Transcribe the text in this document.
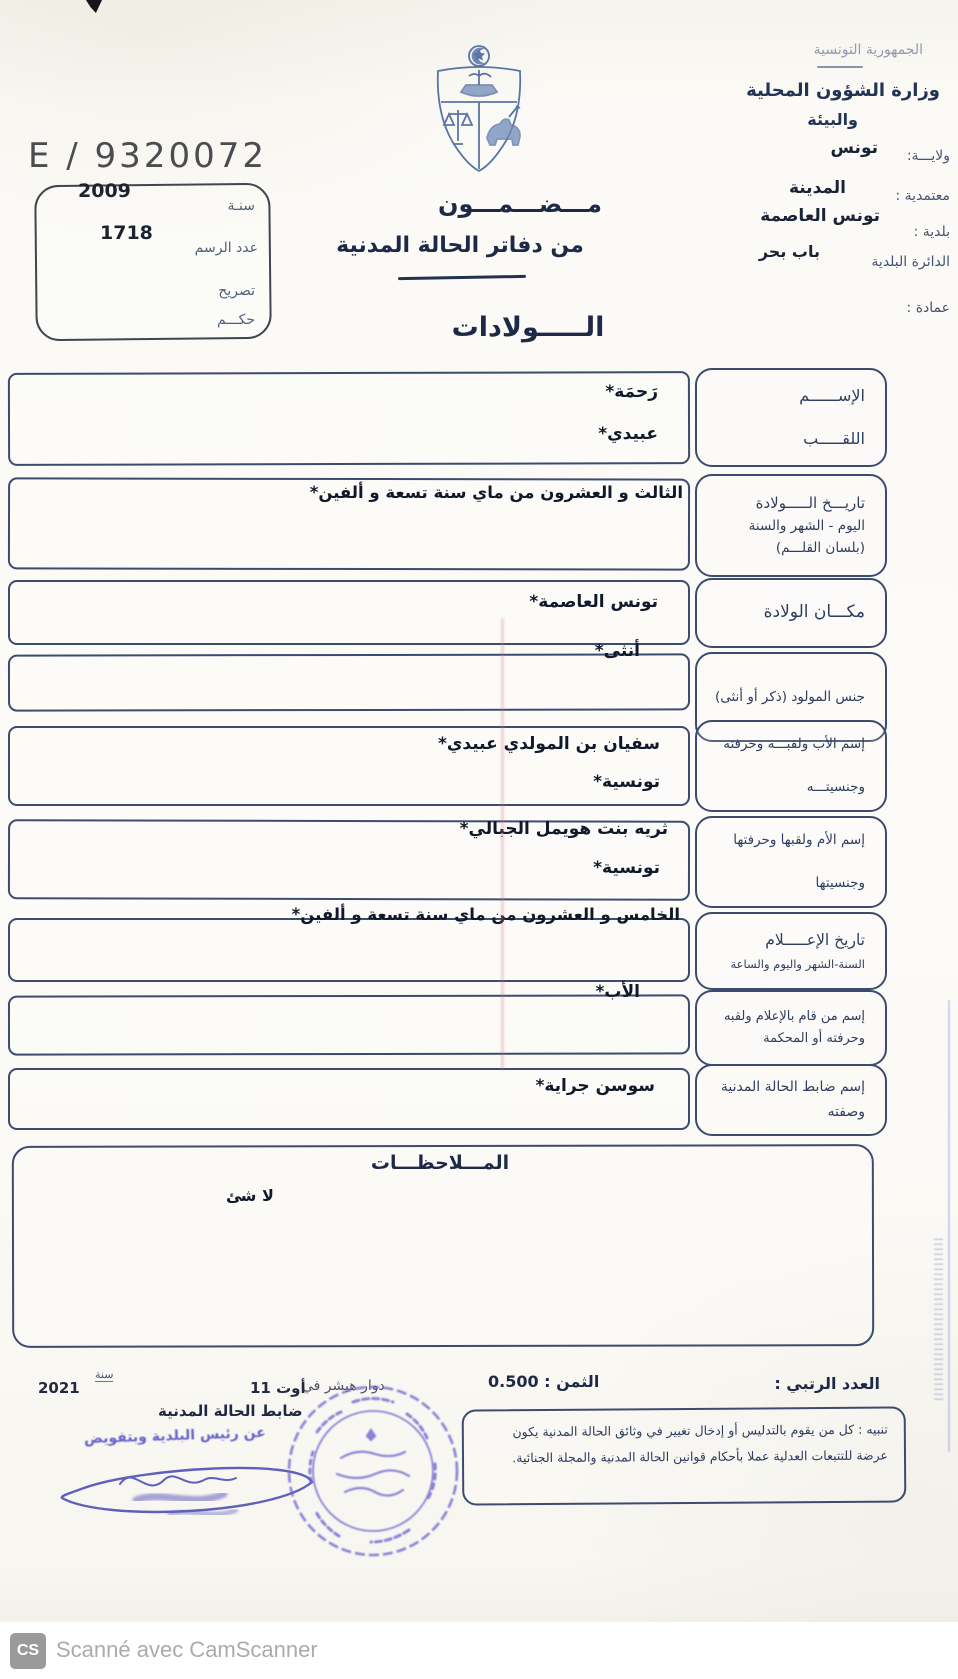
E / 9320072
سنـة
2009
عدد الرسم
1718
تصريح
حكـــم
الجمهورية التونسية
وزارة الشؤون المحلية
والبيئة
ولايـــة:
تونس
معتمدية :
المدينة
بلدية :
تونس العاصمة
الدائرة البلدية
باب بحر
عمادة :
مـــضـــمـــون
من دفاتر الحالة المدنية
الـــــولادات
الإســــــم
اللقـــــب
رَحمَة*
عبيدي*
تاريـــخ الـــــولادة
اليوم - الشهر والسنة
(بلسان القلـــم)
الثالث و العشرون من ماي سنة تسعة و ألفين*
مكـــان الولادة
تونس العاصمة*
جنس المولود (ذكر أو أنثى)
أنثى*
إسم الأب ولقبـــه وحرفته
وجنسيتـــه
سفيان بن المولدي عبيدي*
تونسية*
إسم الأم ولقبها وحرفتها
وجنسيتها
ثريه بنت هويمل الجبالي*
تونسية*
تاريخ الإعـــــلام
السنة-الشهر واليوم والساعة
الخامس و العشرون من ماي سنة تسعة و ألفين*
إسم من قام بالإعلام ولقبه
وحرفته أو المحكمة
الأب*
إسم ضابط الحالة المدنية
وصفته
سوسن جراية*
المـــلاحظـــات
لا شئ
العدد الرتبي :
الثمن : 0.500
تنبيه : كل من يقوم بالتدليس أو إدخال تغيير في وثائق الحالة المدنية يكون عرضة للتتبعات العدلية عملا بأحكام قوانين الحالة المدنية والمجلة الجنائية.
دوار هيشر في
11 أوت
سنة
2021
ضابط الحالة المدنية
عن رئيس البلدية وبتفويض
CS Scanné avec CamScanner
